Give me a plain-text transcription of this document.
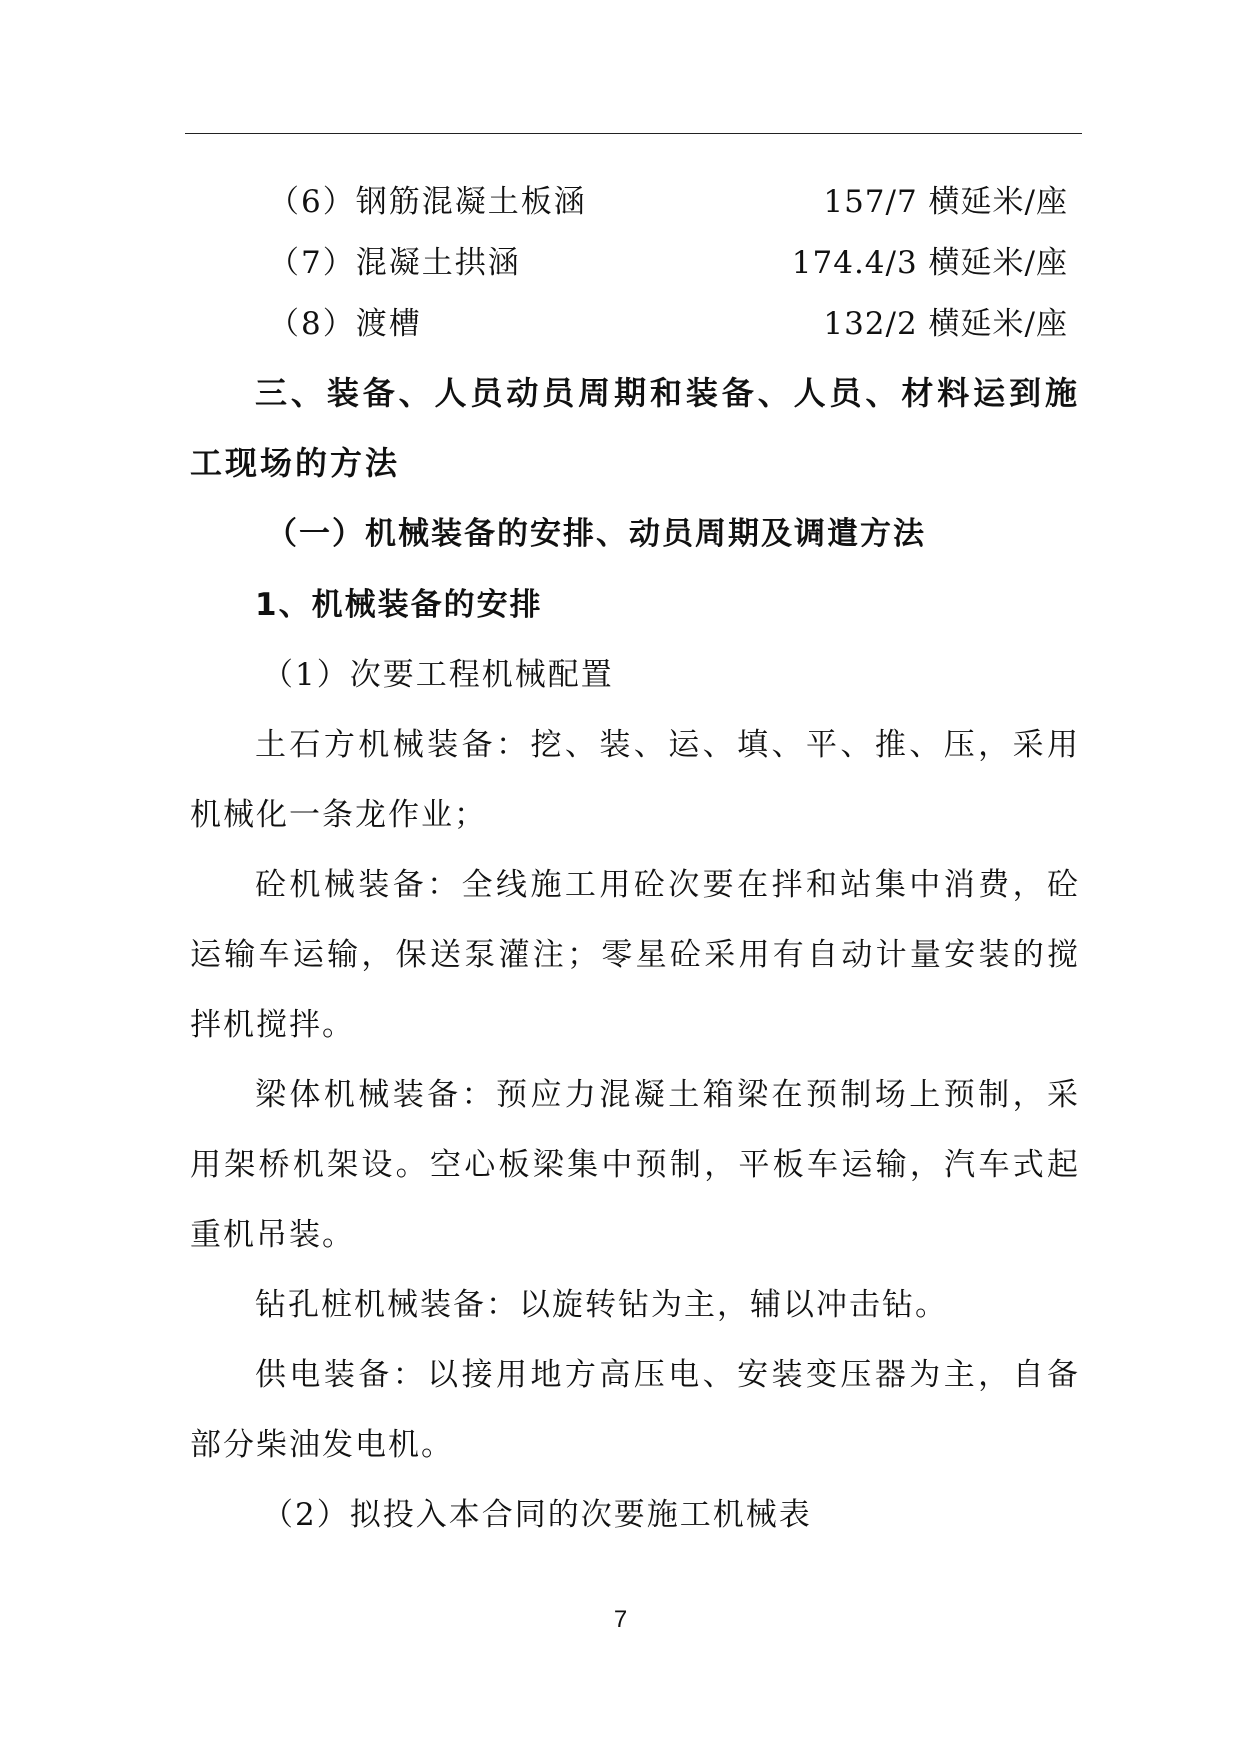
（6）钢筋混凝土板涵	157/7 横延米/座
（7）混凝土拱涵	174.4/3 横延米/座
（8）渡槽	132/2 横延米/座
三、装备、人员动员周期和装备、人员、材料运到施
工现场的方法
（一）机械装备的安排、动员周期及调遣方法
1、机械装备的安排
（1）次要工程机械配置
土石方机械装备：挖、装、运、填、平、推、压，采用
机械化一条龙作业；
砼机械装备：全线施工用砼次要在拌和站集中消费，砼
运输车运输，保送泵灌注；零星砼采用有自动计量安装的搅
拌机搅拌。
梁体机械装备：预应力混凝土箱梁在预制场上预制，采
用架桥机架设。空心板梁集中预制，平板车运输，汽车式起
重机吊装。
钻孔桩机械装备：以旋转钻为主，辅以冲击钻。
供电装备：以接用地方高压电、安装变压器为主，自备
部分柴油发电机。
（2）拟投入本合同的次要施工机械表
7
